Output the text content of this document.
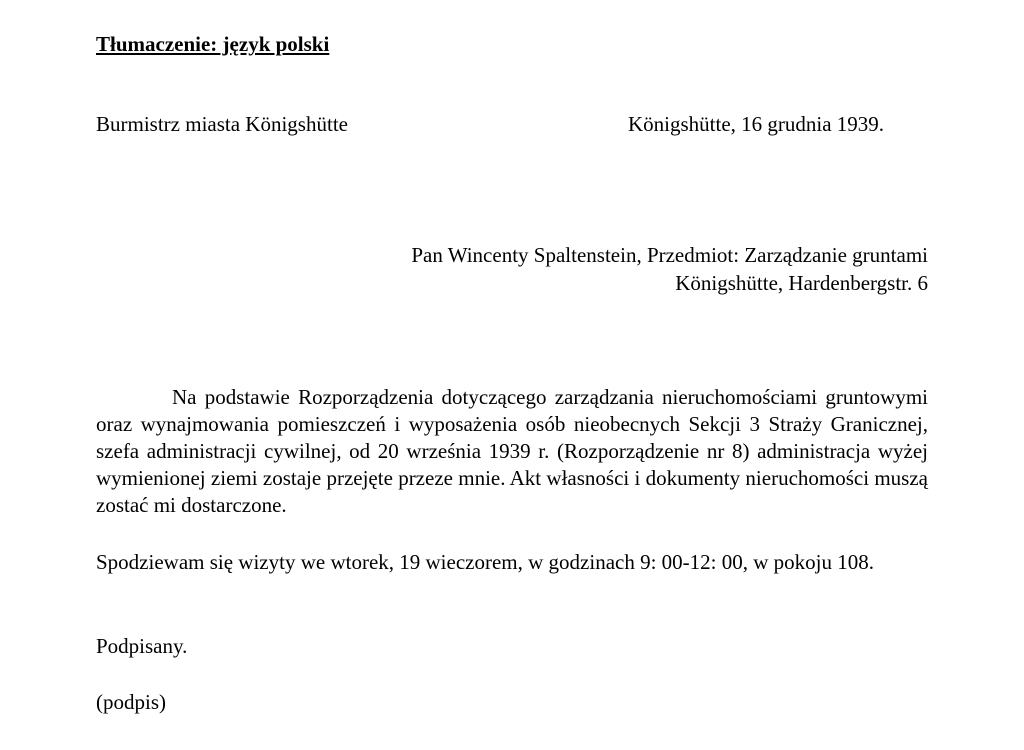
Tłumaczenie: język polski
Burmistrz miasta Königshütte	Königshütte, 16 grudnia 1939.
Pan Wincenty Spaltenstein, Przedmiot: Zarządzanie gruntami
Königshütte, Hardenbergstr. 6
Na podstawie Rozporządzenia dotyczącego zarządzania nieruchomościami gruntowymi oraz wynajmowania pomieszczeń i wyposażenia osób nieobecnych Sekcji 3 Straży Granicznej, szefa administracji cywilnej, od 20 września 1939 r. (Rozporządzenie nr 8) administracja wyżej wymienionej ziemi zostaje przejęte przeze mnie. Akt własności i dokumenty nieruchomości muszą zostać mi dostarczone.
Spodziewam się wizyty we wtorek, 19 wieczorem, w godzinach 9: 00-12: 00, w pokoju 108.
Podpisany.
(podpis)
